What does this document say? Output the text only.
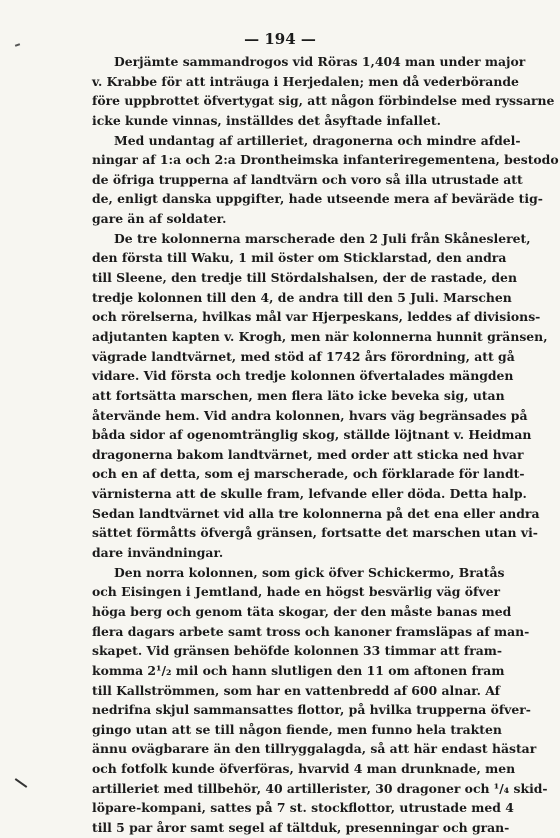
— 194 —
Derjämte sammandrogos vid Röras 1,404 man under major
v. Krabbe för att inträuga i Herjedalen; men då vederbörande
före uppbrottet öfvertygat sig, att någon förbindelse med ryssarne
icke kunde vinnas, inställdes det åsyftade infallet.
Med undantag af artilleriet, dragonerna och mindre afdel-
ningar af 1:a och 2:a Drontheimska infanteriregementena, bestodo
de öfriga trupperna af landtvärn och voro så illa utrustade att
de, enligt danska uppgifter, hade utseende mera af beväräde tig-
gare än af soldater.
De tre kolonnerna marscherade den 2 Juli från Skånesleret,
den första till Waku, 1 mil öster om Sticklarstad, den andra
till Sleene, den tredje till Stördalshalsen, der de rastade, den
tredje kolonnen till den 4, de andra till den 5 Juli. Marschen
och rörelserna, hvilkas mål var Hjerpeskans, leddes af divisions-
adjutanten kapten v. Krogh, men när kolonnerna hunnit gränsen,
vägrade landtvärnet, med stöd af 1742 års förordning, att gå
vidare. Vid första och tredje kolonnen öfvertalades mängden
att fortsätta marschen, men flera läto icke beveka sig, utan
återvände hem. Vid andra kolonnen, hvars väg begränsades på
båda sidor af ogenomtränglig skog, ställde löjtnant v. Heidman
dragonerna bakom landtvärnet, med order att sticka ned hvar
och en af detta, som ej marscherade, och förklarade för landt-
värnisterna att de skulle fram, lefvande eller döda. Detta halp.
Sedan landtvärnet vid alla tre kolonnerna på det ena eller andra
sättet förmåtts öfvergå gränsen, fortsatte det marschen utan vi-
dare invändningar.
Den norra kolonnen, som gick öfver Schickermo, Bratås
och Eisingen i Jemtland, hade en högst besvärlig väg öfver
höga berg och genom täta skogar, der den måste banas med
flera dagars arbete samt tross och kanoner framsläpas af man-
skapet. Vid gränsen behöfde kolonnen 33 timmar att fram-
komma 2¹/₂ mil och hann slutligen den 11 om aftonen fram
till Kallströmmen, som har en vattenbredd af 600 alnar. Af
nedrifna skjul sammansattes flottor, på hvilka trupperna öfver-
gingo utan att se till någon fiende, men funno hela trakten
ännu ovägbarare än den tillryggalagda, så att här endast hästar
och fotfolk kunde öfverföras, hvarvid 4 man drunknade, men
artilleriet med tillbehör, 40 artillerister, 30 dragoner och ¹/₄ skid-
löpare-kompani, sattes på 7 st. stockflottor, utrustade med 4
till 5 par åror samt segel af tältduk, presenningar och gran-
